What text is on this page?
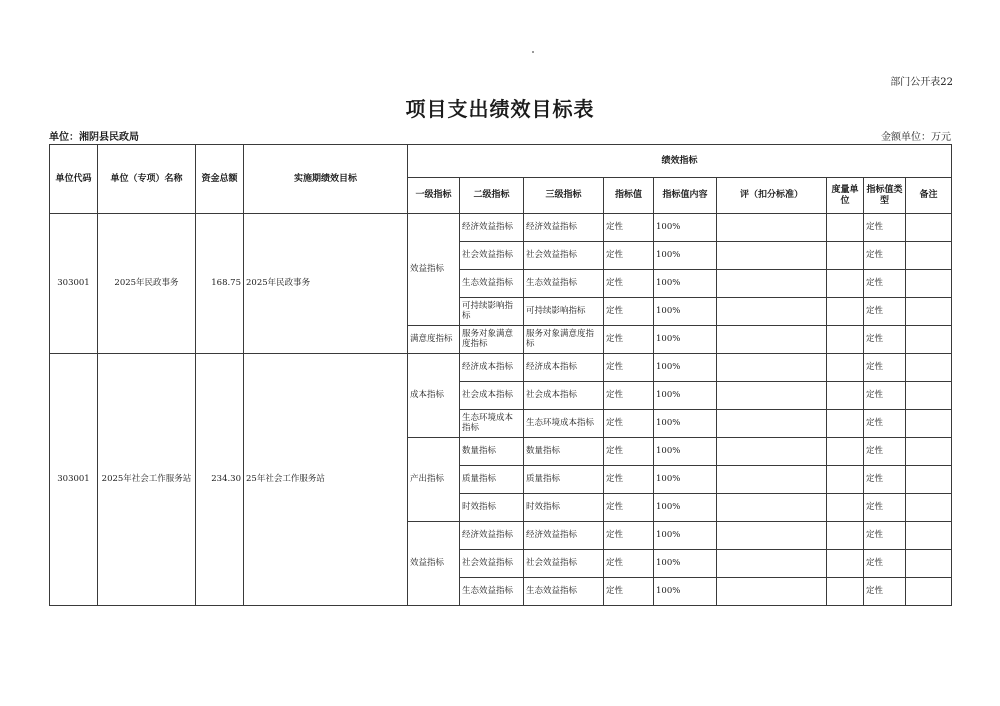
部门公开表22
项目支出绩效目标表
单位：湘阴县民政局	金额单位：万元
单位代码	单位（专项）名称	资金总额	实施期绩效目标	绩效指标								
				一级指标	二级指标	三级指标	指标值	指标值内容	评（扣分标准）	度量单位	指标值类型	备注
303001	2025年民政事务	168.75	2025年民政事务	效益指标	经济效益指标	经济效益指标	定性	100%			定性	
					社会效益指标	社会效益指标	定性	100%			定性	
					生态效益指标	生态效益指标	定性	100%			定性	
					可持续影响指标	可持续影响指标	定性	100%			定性	
				满意度指标	服务对象满意度指标	服务对象满意度指标	定性	100%			定性	
303001	2025年社会工作服务站	234.30	25年社会工作服务站	成本指标	经济成本指标	经济成本指标	定性	100%			定性	
					社会成本指标	社会成本指标	定性	100%			定性	
					生态环境成本指标	生态环境成本指标	定性	100%			定性	
				产出指标	数量指标	数量指标	定性	100%			定性	
					质量指标	质量指标	定性	100%			定性	
					时效指标	时效指标	定性	100%			定性	
				效益指标	经济效益指标	经济效益指标	定性	100%			定性	
					社会效益指标	社会效益指标	定性	100%			定性	
					生态效益指标	生态效益指标	定性	100%			定性	
